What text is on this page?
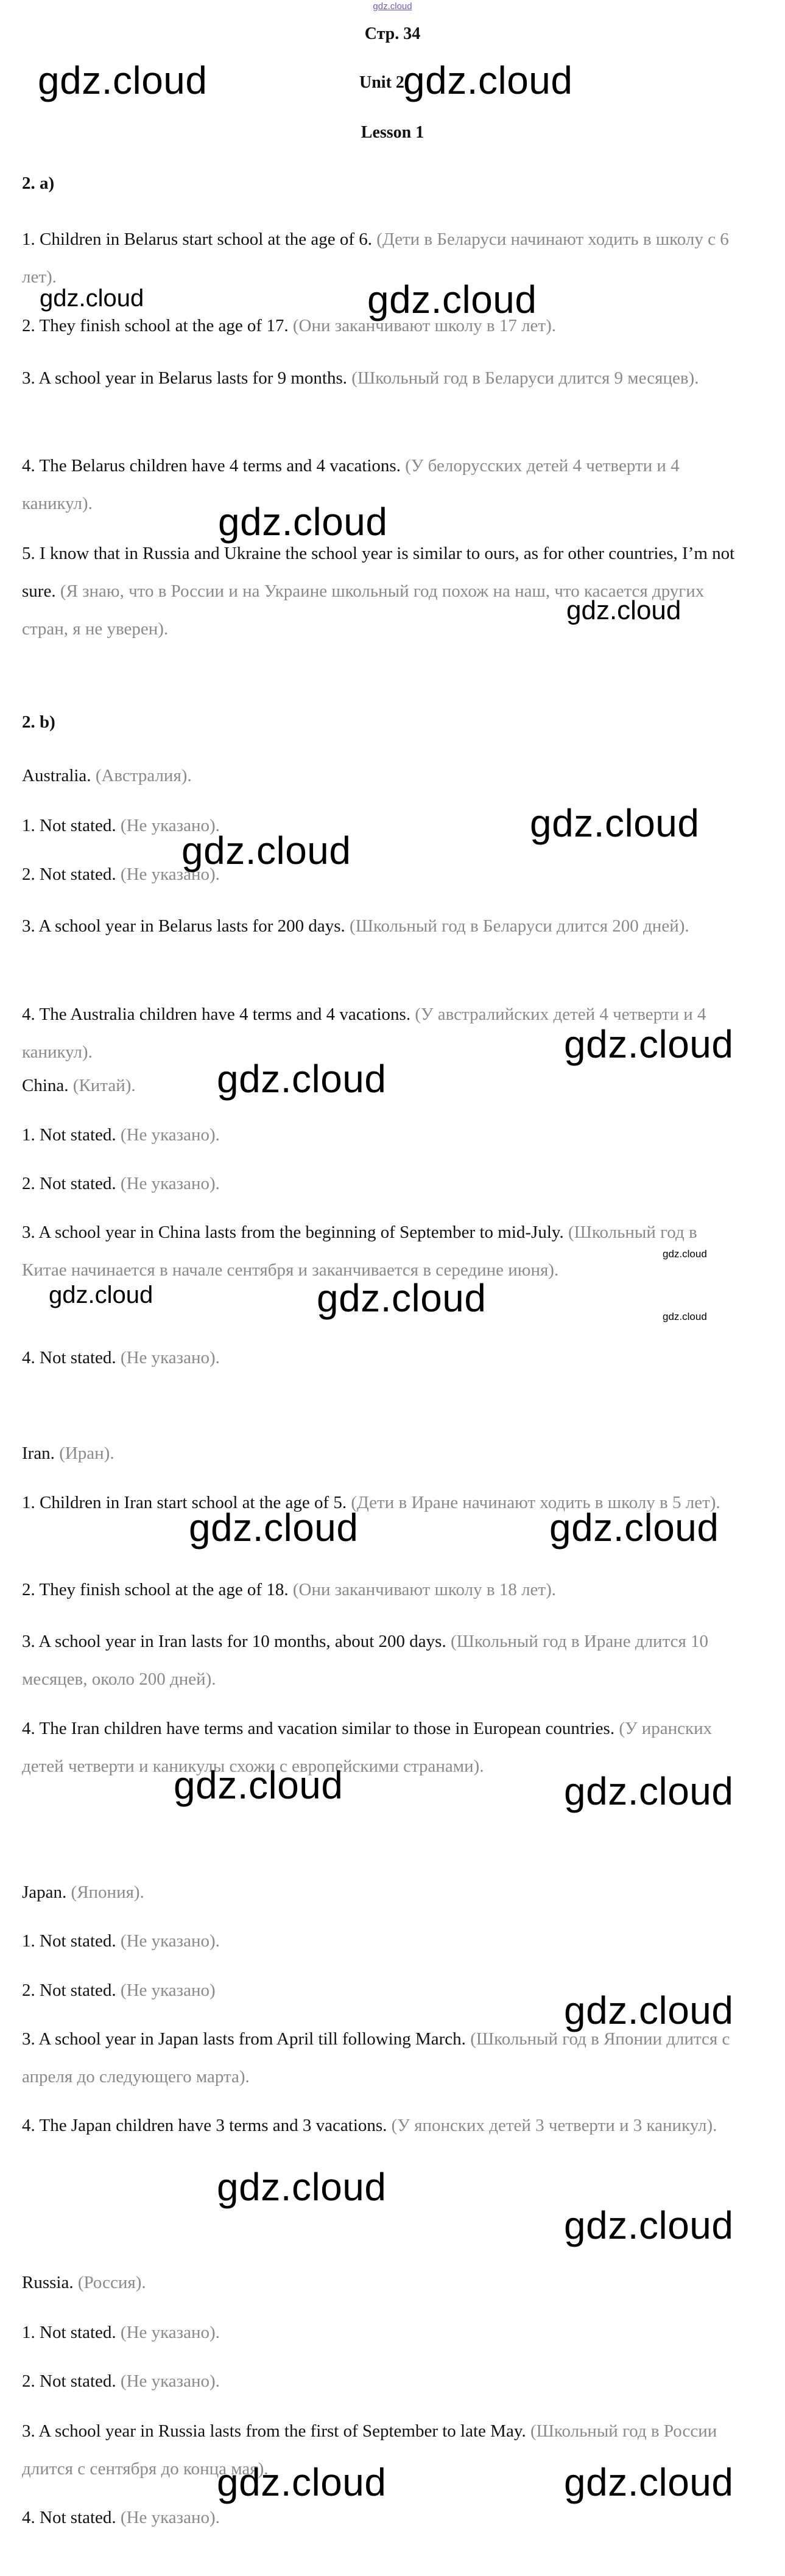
gdz.cloud
Стр. 34
Unit 2
Lesson 1
2. a)
1. Children in Belarus start school at the age of 6. (Дети в Беларуси начинают ходить в школу с 6 лет).
2. They finish school at the age of 17. (Они заканчивают школу в 17 лет).
3. A school year in Belarus lasts for 9 months. (Школьный год в Беларуси длится 9 месяцев).
4. The Belarus children have 4 terms and 4 vacations. (У белорусских детей 4 четверти и 4 каникул).
5. I know that in Russia and Ukraine the school year is similar to ours, as for other countries, I’m not sure. (Я знаю, что в России и на Украине школьный год похож на наш, что касается других стран, я не уверен).
2. b)
Australia. (Австралия).
1. Not stated. (Не указано).
2. Not stated. (Не указано).
3. A school year in Belarus lasts for 200 days. (Школьный год в Беларуси длится 200 дней).
4. The Australia children have 4 terms and 4 vacations. (У австралийских детей 4 четверти и 4 каникул).
China. (Китай).
1. Not stated. (Не указано).
2. Not stated. (Не указано).
3. A school year in China lasts from the beginning of September to mid-July. (Школьный год в Китае начинается в начале сентября и заканчивается в середине июня).
4. Not stated. (Не указано).
Iran. (Иран).
1. Children in Iran start school at the age of 5. (Дети в Иране начинают ходить в школу в 5 лет).
2. They finish school at the age of 18. (Они заканчивают школу в 18 лет).
3. A school year in Iran lasts for 10 months, about 200 days. (Школьный год в Иране длится 10 месяцев, около 200 дней).
4. The Iran children have terms and vacation similar to those in European countries. (У иранских детей четверти и каникулы схожи с европейскими странами).
Japan. (Япония).
1. Not stated. (Не указано).
2. Not stated. (Не указано)
3. A school year in Japan lasts from April till following March. (Школьный год в Японии длится с апреля до следующего марта).
4. The Japan children have 3 terms and 3 vacations. (У японских детей 3 четверти и 3 каникул).
Russia. (Россия).
1. Not stated. (Не указано).
2. Not stated. (Не указано).
3. A school year in Russia lasts from the first of September to late May. (Школьный год в России длится с сентября до конца мая).
4. Not stated. (Не указано).
gdz.cloud	gdz.cloud
gdz.cloud	gdz.cloud
gdz.cloud
gdz.cloud
gdz.cloud
gdz.cloud
gdz.cloud
gdz.cloud
gdz.cloud
gdz.cloud	gdz.cloud	gdz.cloud
gdz.cloud	gdz.cloud
gdz.cloud	gdz.cloud
gdz.cloud
gdz.cloud
gdz.cloud
gdz.cloud	gdz.cloud
